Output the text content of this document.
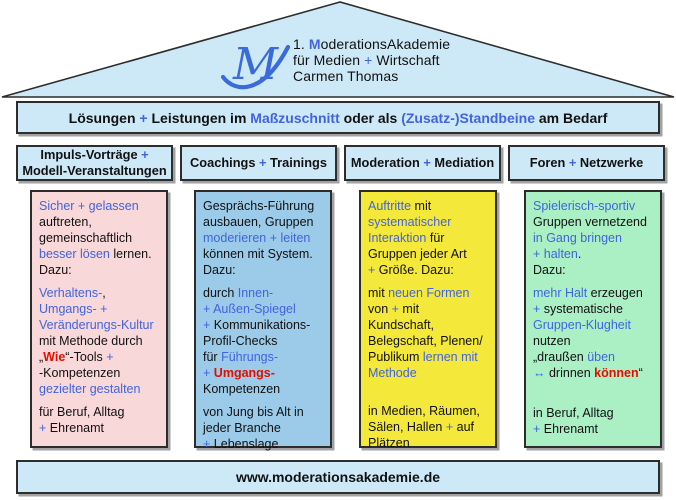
M 1. ModerationsAkademie
für Medien + Wirtschaft
Carmen Thomas
Lösungen + Leistungen im Maßzuschnitt oder als (Zusatz-)Standbeine am Bedarf
Impuls-Vorträge +
Modell-Veranstaltungen
Coachings + Trainings Moderation + Mediation	Foren + Netzwerke
Sicher + gelassen
auftreten,
gemeinschaftlich
besser lösen lernen.
Dazu:
Verhaltens-,
Umgangs- +
Veränderungs-Kultur
mit Methode durch
„Wie“-Tools +
-Kompetenzen
gezielter gestalten
für Beruf, Alltag
+ Ehrenamt
Gesprächs-Führung
ausbauen, Gruppen
moderieren + leiten
können mit System.
Dazu:
durch Innen-
+ Außen-Spiegel
+ Kommunikations-
Profil-Checks
für Führungs-
+ Umgangs-
Kompetenzen
von Jung bis Alt in
jeder Branche
+ Lebenslage
Auftritte mit
systematischer
Interaktion für
Gruppen jeder Art
+ Größe. Dazu:
mit neuen Formen
von + mit
Kundschaft,
Belegschaft, Plenen/
Publikum lernen mit
Methode
in Medien, Räumen,
Sälen, Hallen + auf
Plätzen
Spielerisch-sportiv
Gruppen vernetzend
in Gang bringen
+ halten.
Dazu:
mehr Halt erzeugen
+ systematische
Gruppen-Klugheit
nutzen
„draußen üben
↔ drinnen können“
in Beruf, Alltag
+ Ehrenamt
www.moderationsakademie.de
